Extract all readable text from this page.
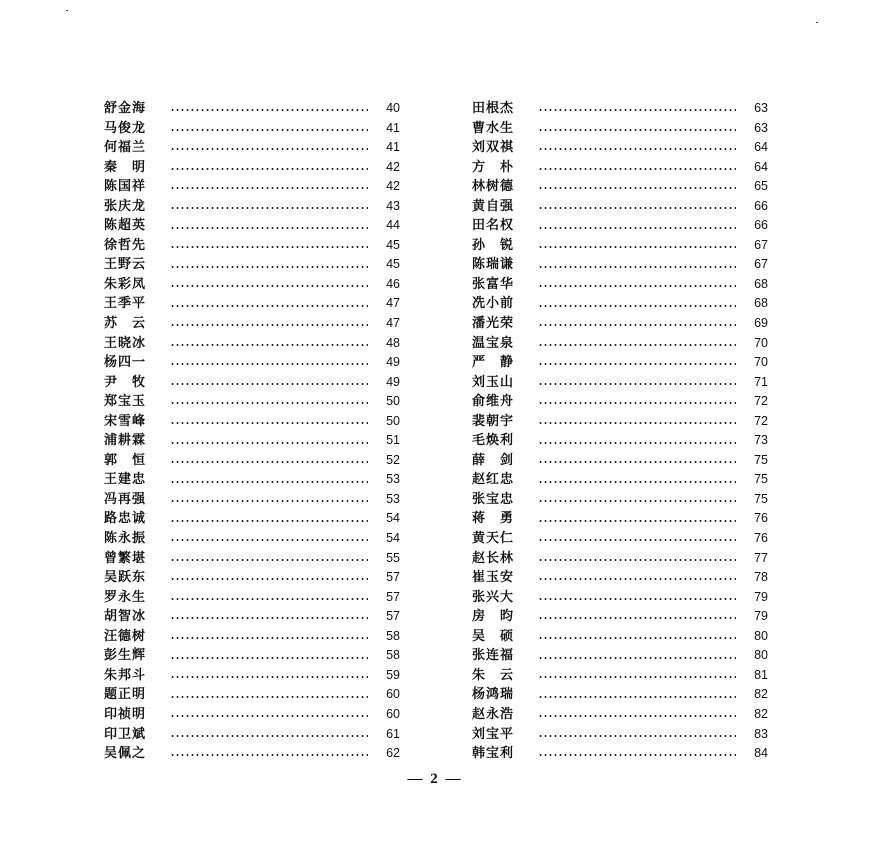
舒金海	40
马俊龙	41
何福兰	41
秦　明	42
陈国祥	42
张庆龙	43
陈超英	44
徐哲先	45
王野云	45
朱彩凤	46
王季平	47
苏　云	47
王晓冰	48
杨四一	49
尹　牧	49
郑宝玉	50
宋雪峰	50
浦耕霖	51
郭　恒	52
王建忠	53
冯再强	53
路忠诚	54
陈永振	54
曾繁堪	55
吴跃东	57
罗永生	57
胡智冰	57
汪德树	58
彭生辉	58
朱邦斗	59
题正明	60
印祯明	60
印卫斌	61
吴佩之	62
田根杰	63
曹水生	63
刘双祺	64
方　朴	64
林树德	65
黄自强	66
田名权	66
孙　锐	67
陈瑞谦	67
张富华	68
冼小前	68
潘光荣	69
温宝泉	70
严　静	70
刘玉山	71
俞维舟	72
裴朝宇	72
毛焕利	73
薛　剑	75
赵红忠	75
张宝忠	75
蒋　勇	76
黄天仁	76
赵长林	77
崔玉安	78
张兴大	79
房　昀	79
吴　硕	80
张连福	80
朱　云	81
杨鸿瑞	82
赵永浩	82
刘宝平	83
韩宝利	84
— 2 —
